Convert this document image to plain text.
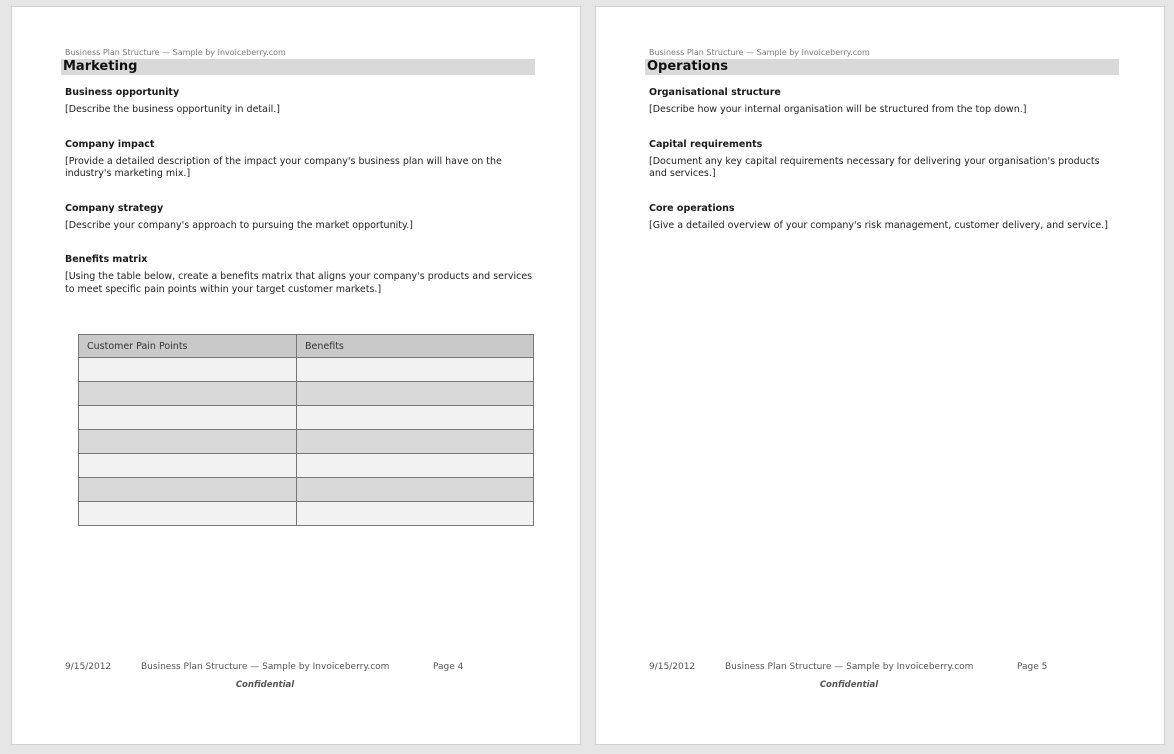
Business Plan Structure — Sample by Invoiceberry.com
Marketing
Business opportunity
[Describe the business opportunity in detail.]
Company impact
[Provide a detailed description of the impact your company's business plan will have on the industry's marketing mix.]
Company strategy
[Describe your company's approach to pursuing the market opportunity.]
Benefits matrix
[Using the table below, create a benefits matrix that aligns your company's products and services to meet specific pain points within your target customer markets.]
Customer Pain Points	Benefits

9/15/2012	Business Plan Structure — Sample by Invoiceberry.com	Page 4
Confidential
Business Plan Structure — Sample by Invoiceberry.com
Operations
Organisational structure
[Describe how your internal organisation will be structured from the top down.]
Capital requirements
[Document any key capital requirements necessary for delivering your organisation's products and services.]
Core operations
[Give a detailed overview of your company's risk management, customer delivery, and service.]
9/15/2012	Business Plan Structure — Sample by Invoiceberry.com	Page 5
Confidential
